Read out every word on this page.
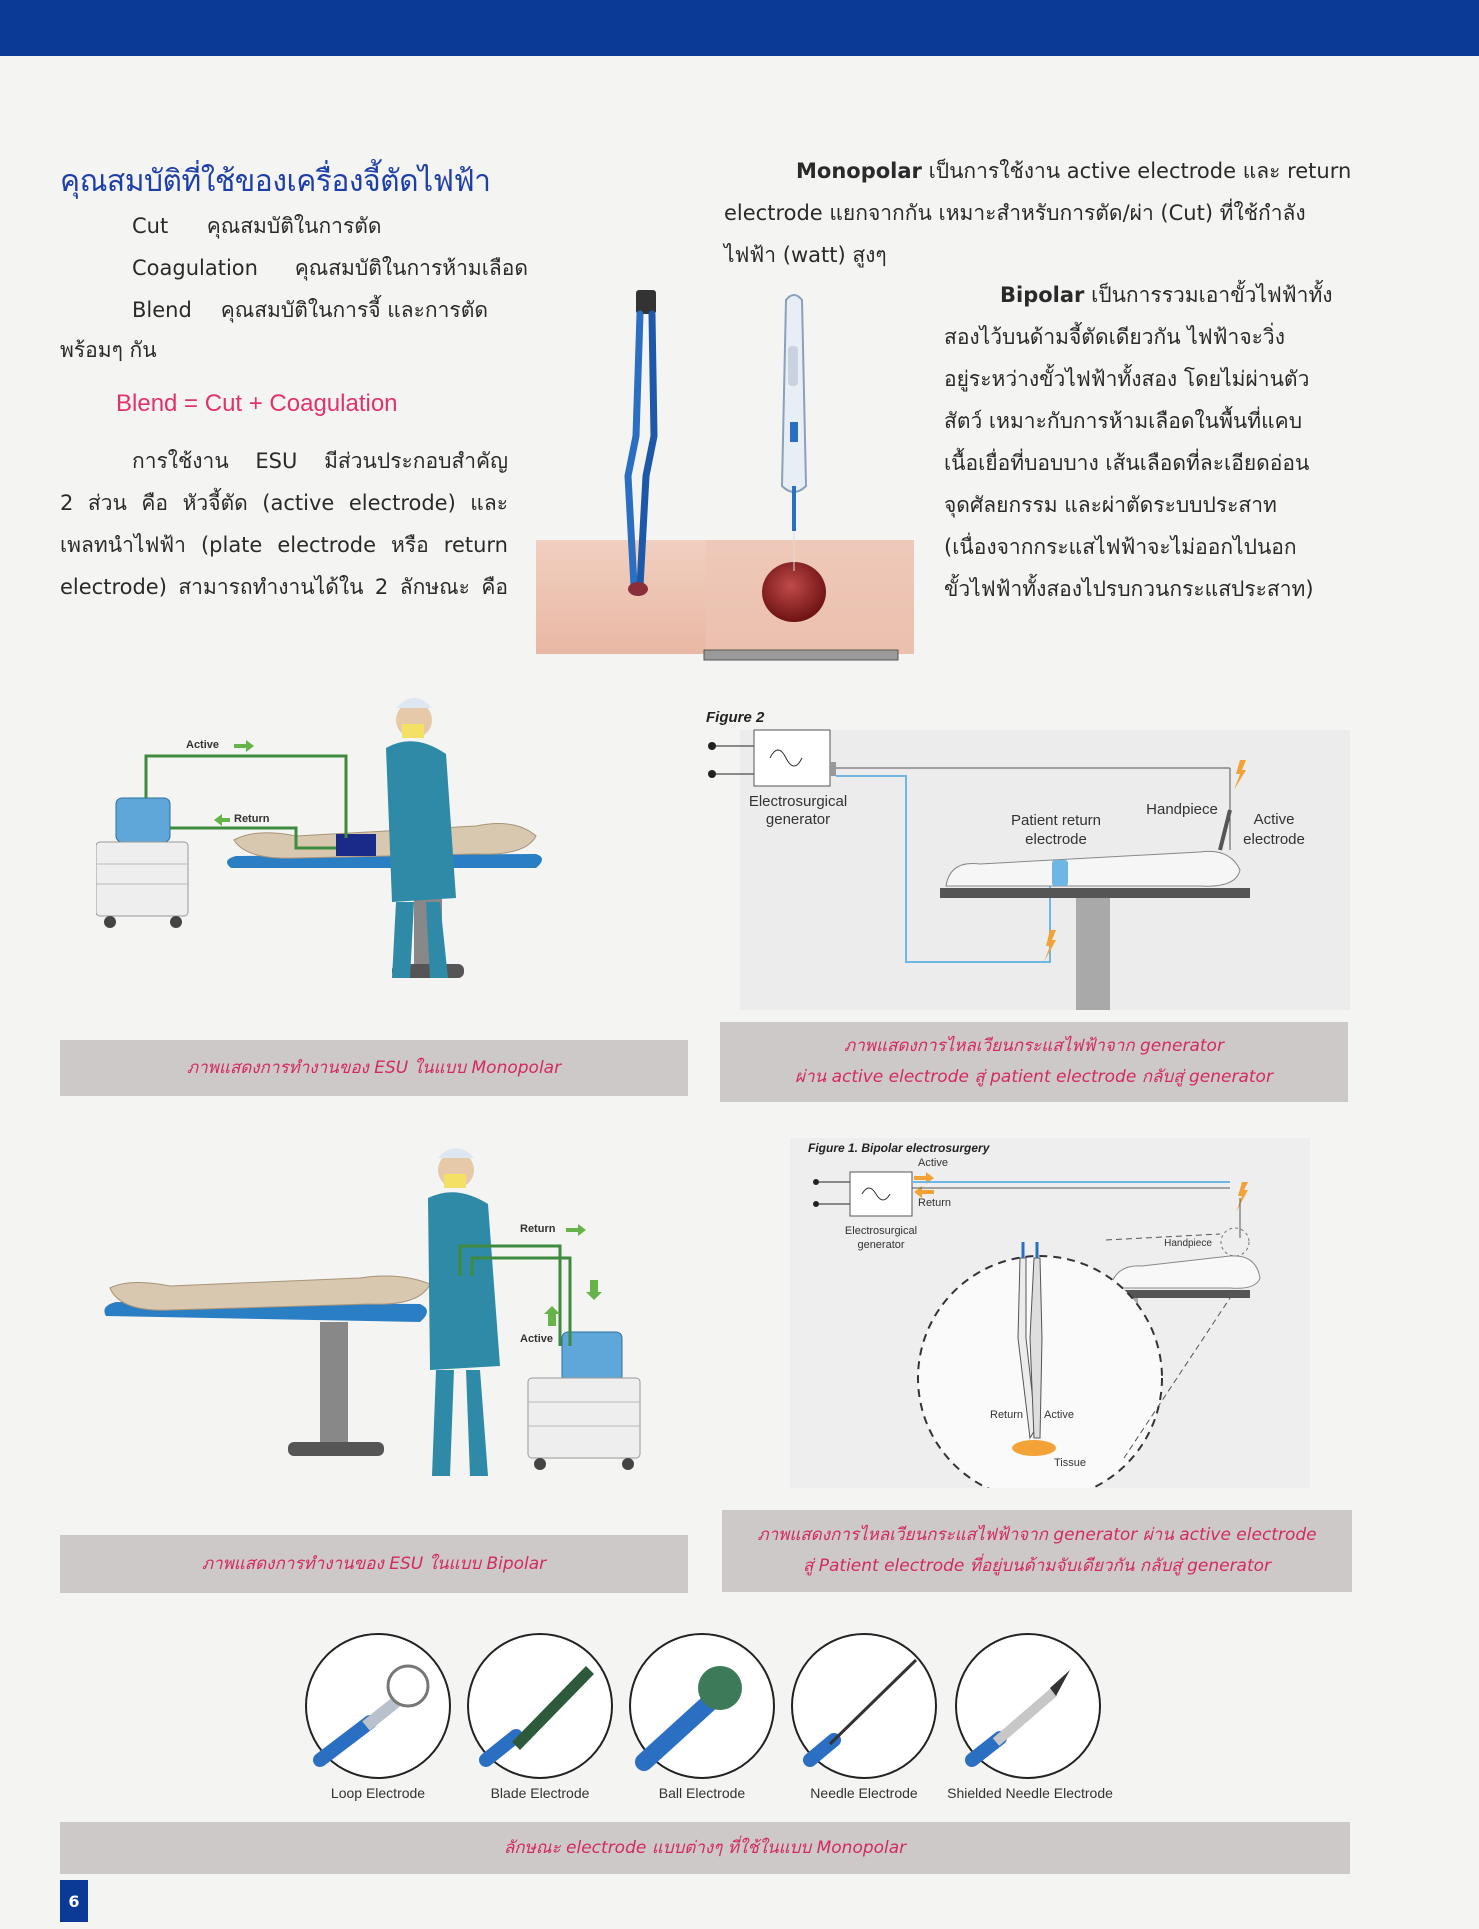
คุณสมบัติที่ใช้ของเครื่องจี้ตัดไฟฟ้า
Cut คุณสมบัติในการตัด
Coagulation คุณสมบัติในการห้ามเลือด
Blend คุณสมบัติในการจี้ และการตัด
พร้อมๆ กัน
Blend = Cut + Coagulation
การใช้งาน ESU มีส่วนประกอบสำคัญ
2 ส่วน คือ หัวจี้ตัด (active electrode) และ
เพลทนำไฟฟ้า (plate electrode หรือ return
electrode) สามารถทำงานได้ใน 2 ลักษณะ คือ
Monopolar เป็นการใช้งาน active electrode และ return
electrode แยกจากกัน เหมาะสำหรับการตัด/ผ่า (Cut) ที่ใช้กำลัง
ไฟฟ้า (watt) สูงๆ
Bipolar เป็นการรวมเอาขั้วไฟฟ้าทั้ง
สองไว้บนด้ามจี้ตัดเดียวกัน ไฟฟ้าจะวิ่ง
อยู่ระหว่างขั้วไฟฟ้าทั้งสอง โดยไม่ผ่านตัว
สัตว์ เหมาะกับการห้ามเลือดในพื้นที่แคบ
เนื้อเยื่อที่บอบบาง เส้นเลือดที่ละเอียดอ่อน
จุดศัลยกรรม และผ่าตัดระบบประสาท
(เนื่องจากกระแสไฟฟ้าจะไม่ออกไปนอก
ขั้วไฟฟ้าทั้งสองไปรบกวนกระแสประสาท)
Active
Return
Figure 2
Electrosurgical
generator	Patient return
electrode
Handpiece
Active
electrode
ภาพแสดงการทำงานของ ESU ในแบบ Monopolar
ภาพแสดงการไหลเวียนกระแสไฟฟ้าจาก generator
ผ่าน active electrode สู่ patient electrode กลับสู่ generator
Return
Active
Figure 1. Bipolar electrosurgery
Active
Return
Electrosurgical
generator	Handpiece
Return Active
Tissue
ภาพแสดงการทำงานของ ESU ในแบบ Bipolar
ภาพแสดงการไหลเวียนกระแสไฟฟ้าจาก generator ผ่าน active electrode
สู่ Patient electrode ที่อยู่บนด้ามจับเดียวกัน กลับสู่ generator
Loop Electrode	Blade Electrode	Ball Electrode	Needle Electrode	Shielded Needle Electrode
ลักษณะ electrode แบบต่างๆ ที่ใช้ในแบบ Monopolar
6
